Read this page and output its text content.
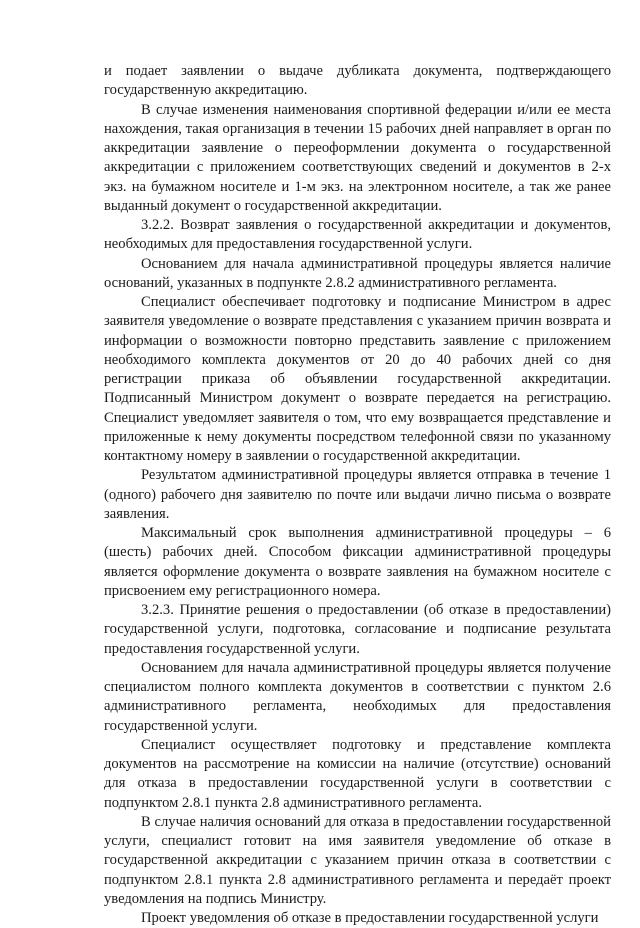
и подает заявлении о выдаче дубликата документа, подтверждающего государственную аккредитацию.

В случае изменения наименования спортивной федерации и/или ее места нахождения, такая организация в течении 15 рабочих дней направляет в орган по аккредитации заявление о переоформлении документа о государственной аккредитации с приложением соответствующих сведений и документов в 2-х экз. на бумажном носителе и 1-м экз. на электронном носителе, а так же ранее выданный документ о государственной аккредитации.

3.2.2. Возврат заявления о государственной аккредитации и документов, необходимых для предоставления государственной услуги.

Основанием для начала административной процедуры является наличие оснований, указанных в подпункте 2.8.2 административного регламента.

Специалист обеспечивает подготовку и подписание Министром в адрес заявителя уведомление о возврате представления с указанием причин возврата и информации о возможности повторно представить заявление с приложением необходимого комплекта документов от 20 до 40 рабочих дней со дня регистрации приказа об объявлении государственной аккредитации. Подписанный Министром документ о возврате передается на регистрацию. Специалист уведомляет заявителя о том, что ему возвращается представление и приложенные к нему документы посредством телефонной связи по указанному контактному номеру в заявлении о государственной аккредитации.

Результатом административной процедуры является отправка в течение 1 (одного) рабочего дня заявителю по почте или выдачи лично письма о возврате заявления.

Максимальный срок выполнения административной процедуры – 6 (шесть) рабочих дней. Способом фиксации административной процедуры является оформление документа о возврате заявления на бумажном носителе с присвоением ему регистрационного номера.

3.2.3. Принятие решения о предоставлении (об отказе в предоставлении) государственной услуги, подготовка, согласование и подписание результата предоставления государственной услуги.

Основанием для начала административной процедуры является получение специалистом полного комплекта документов в соответствии с пунктом 2.6 административного регламента, необходимых для предоставления государственной услуги.

Специалист осуществляет подготовку и представление комплекта документов на рассмотрение на комиссии на наличие (отсутствие) оснований для отказа в предоставлении государственной услуги в соответствии с подпунктом 2.8.1 пункта 2.8 административного регламента.

В случае наличия оснований для отказа в предоставлении государственной услуги, специалист готовит на имя заявителя уведомление об отказе в государственной аккредитации с указанием причин отказа в соответствии с подпунктом 2.8.1 пункта 2.8 административного регламента и передаёт проект уведомления на подпись Министру.

Проект уведомления об отказе в предоставлении государственной услуги
